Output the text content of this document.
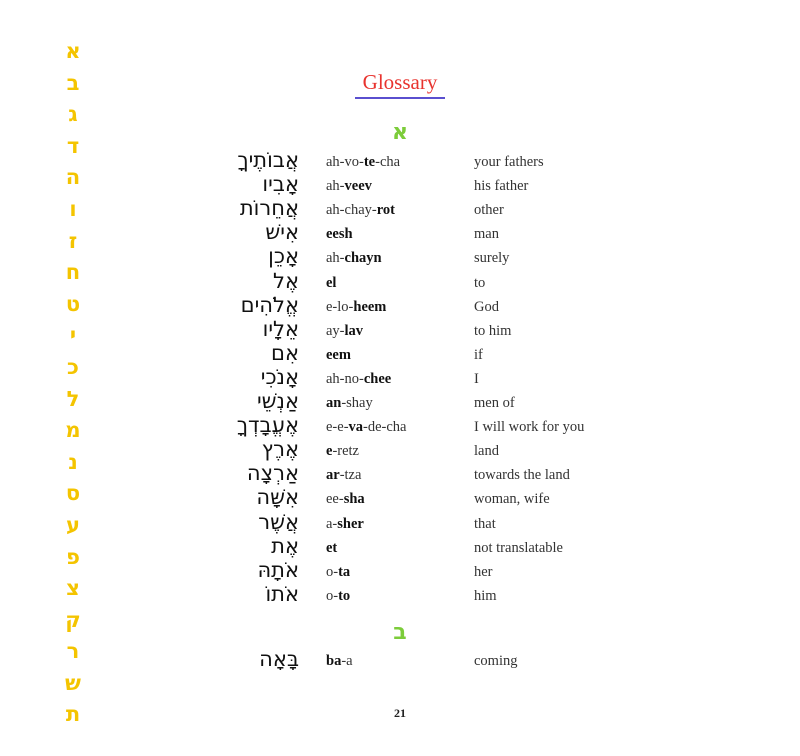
א
ב
ג
ד
ה
ו
ז
ח
ט
י
כ
ל
מ
נ
ס
ע
פ
צ
ק
ר
ש
ת
Glossary
א
אֲבוֹתֶיךָ ah-vo-te-cha	your fathers
אָבִיו ah-veev	his father
אֲחֵרוֹת ah-chay-rot	other
אִישׁ eesh	man
אָכֵן ah-chayn	surely
אֶל el	to
אֱלֹהִים e-lo-heem	God
אֵלָיו ay-lav	to him
אִם eem	if
אָנֹכִי ah-no-chee	I
אַנְשֵׁי an-shay	men of
אֶעֱבָדְךָ e-e-va-de-cha	I will work for you
אֶרֶץ e-retz	land
אַרְצָה ar-tza	towards the land
אִשָּׁה ee-sha	woman, wife
אֲשֶׁר a-sher	that
אֶת et	not translatable
אֹתָהּ o-ta	her
אֹתוֹ o-to	him
ב
בָּאָה ba-a	coming
21
